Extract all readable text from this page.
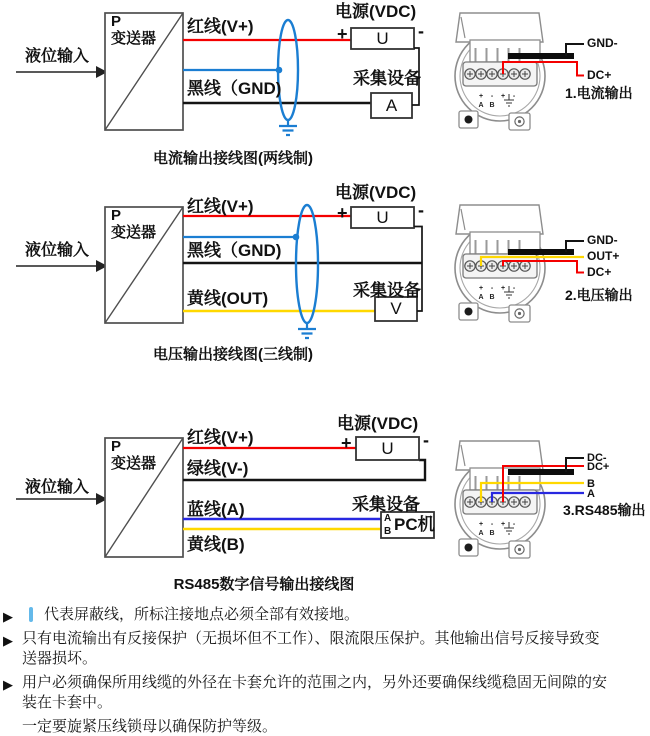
+	-	+	-
A B
液位输入
P
变送器
红线(V+)
黑线（GND)
电源(VDC)
+	-
U
采集设备
A
电流输出接线图(两线制)
GND-
DC+
1.电流输出
液位输入
P
变送器
红线(V+)
黑线（GND)
黄线(OUT)
电源(VDC)
+	-
U
采集设备
V
电压输出接线图(三线制)
GND-
OUT+
DC+
2.电压输出
液位输入
P
变送器
红线(V+)
绿线(V-)
蓝线(A)
黄线(B)
电源(VDC)
+	-
U
采集设备
A
B PC机
RS485数字信号输出接线图
DC-
DC+
B
A
3.RS485输出
▶ 代表屏蔽线，所标注接地点必须全部有效接地。
▶ 只有电流输出有反接保护（无损坏但不工作）、限流限压保护。其他输出信号反接导致变送器损坏。
▶ 用户必须确保所用线缆的外径在卡套允许的范围之内，另外还要确保线缆稳固无间隙的安装在卡套中。
一定要旋紧压线锁母以确保防护等级。
